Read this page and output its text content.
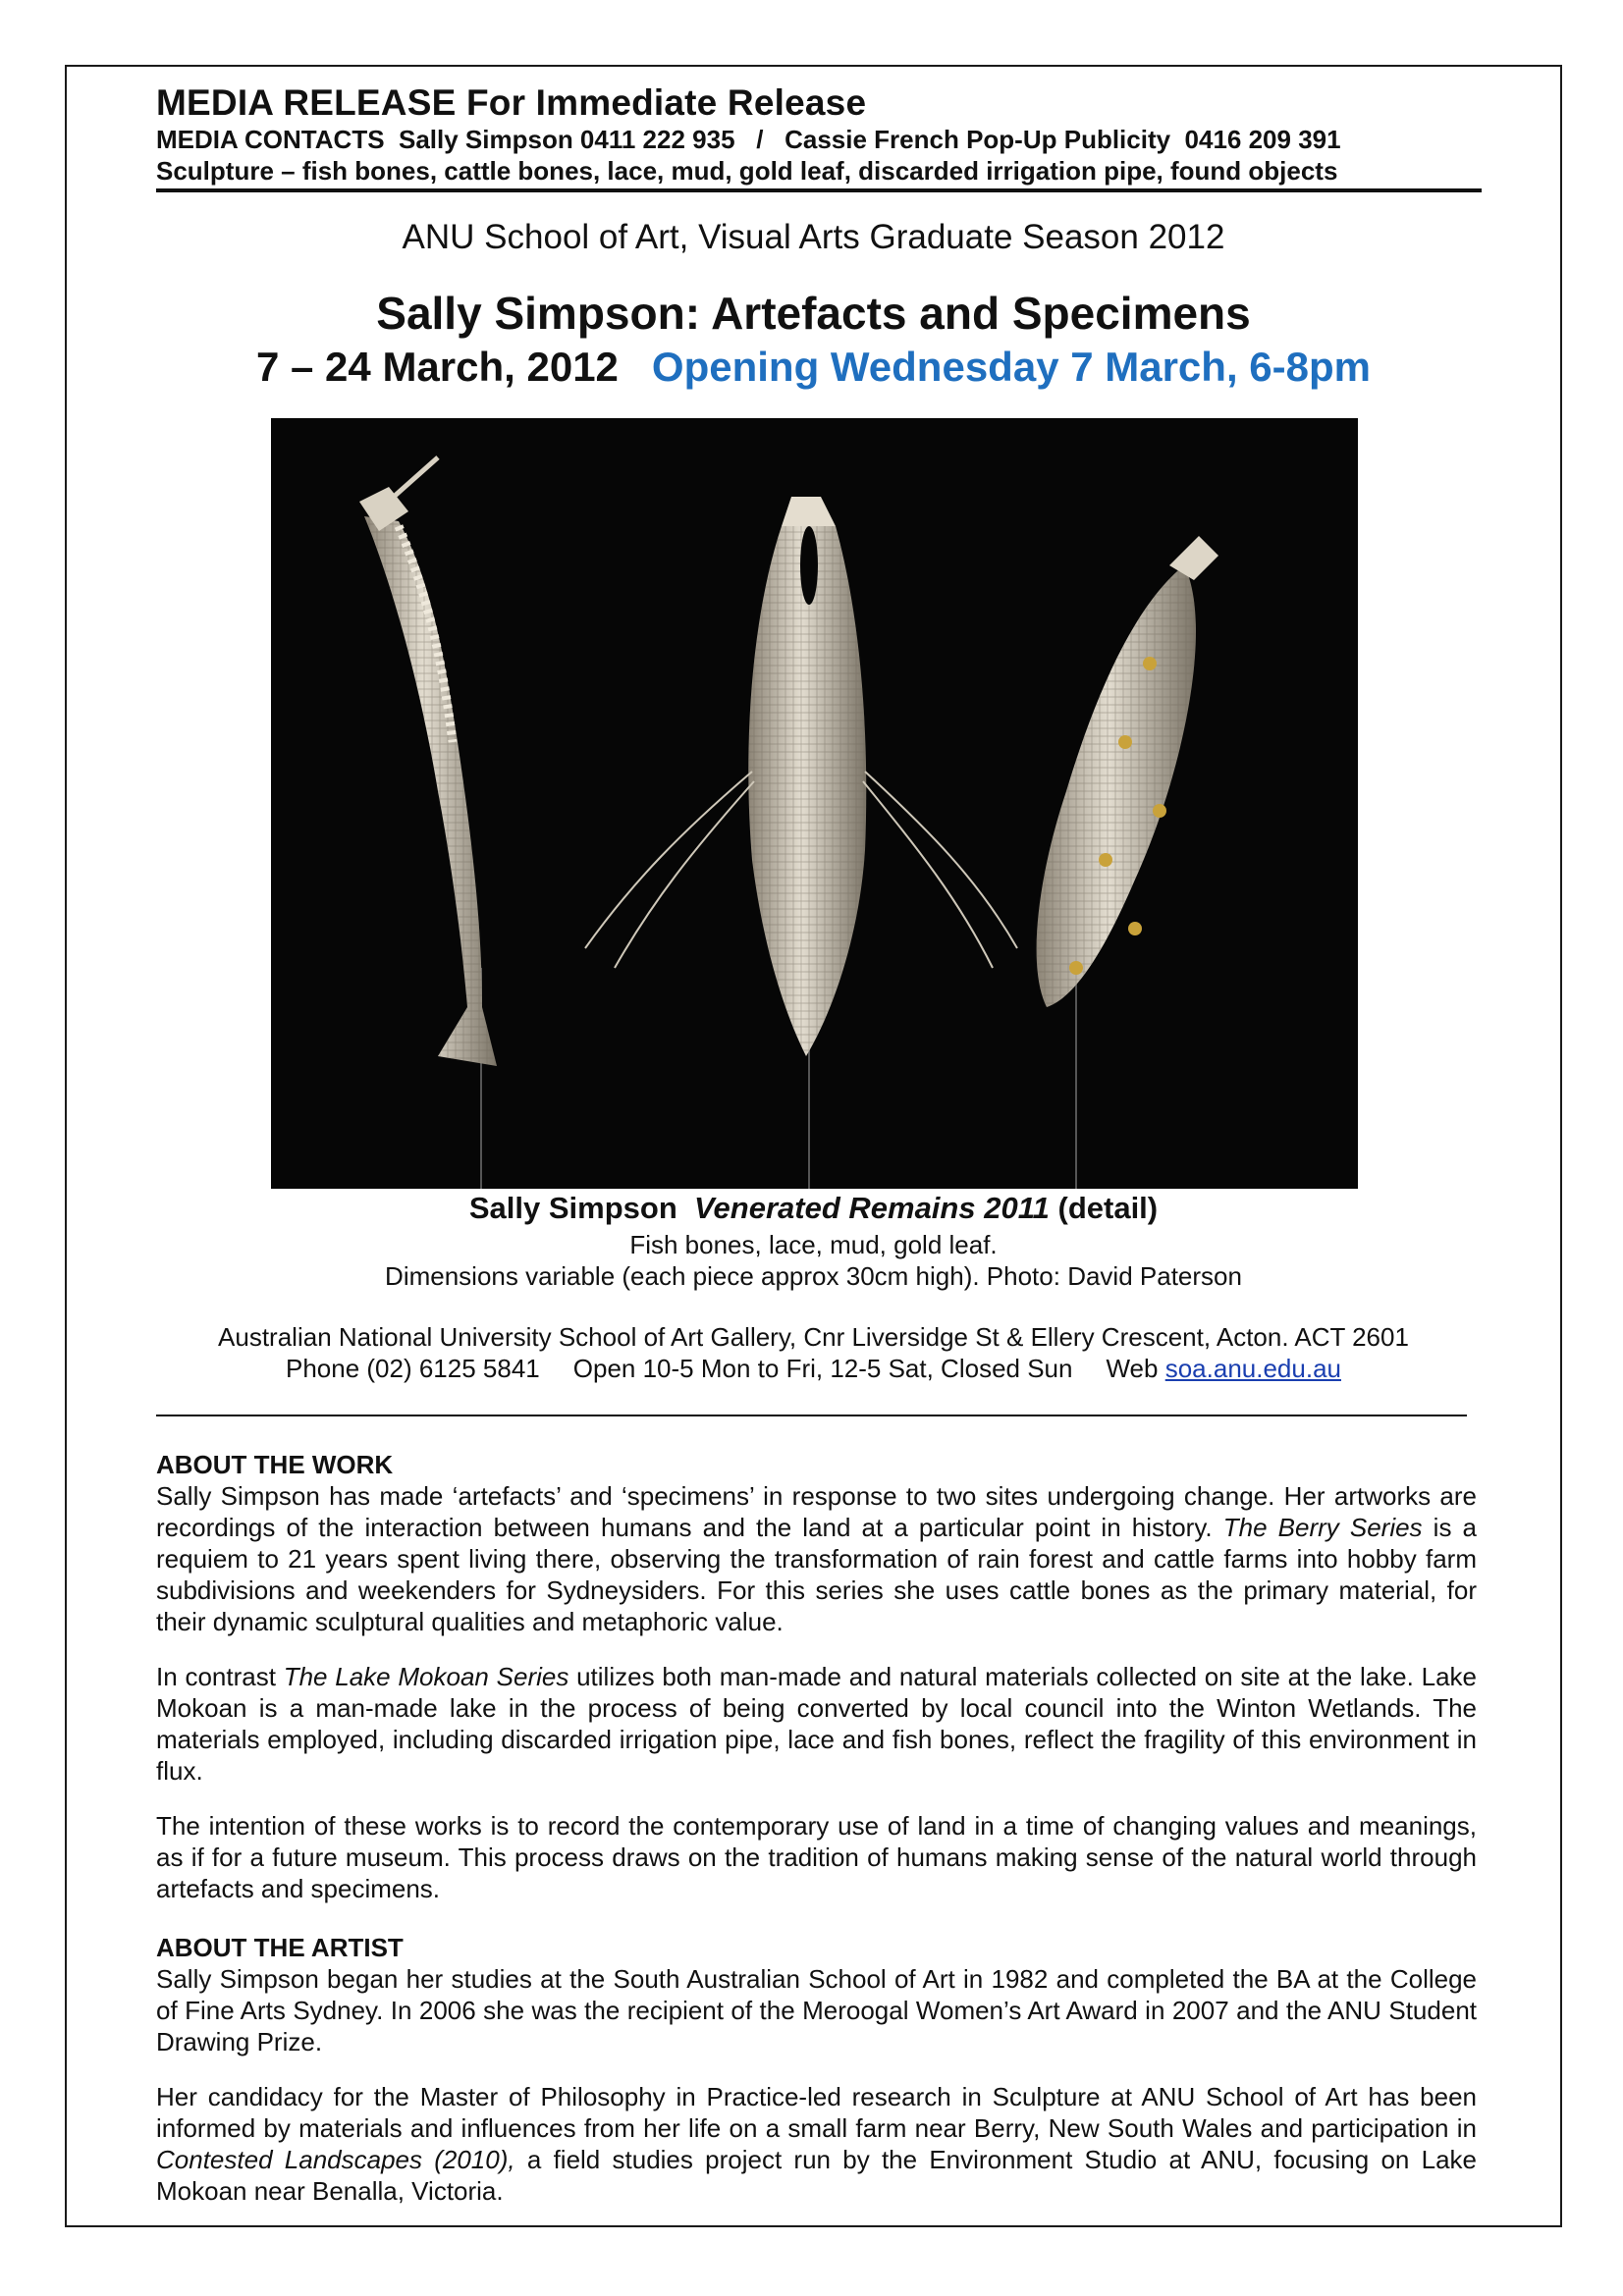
MEDIA RELEASE For Immediate Release
MEDIA CONTACTS  Sally Simpson 0411 222 935   /   Cassie French Pop-Up Publicity  0416 209 391
Sculpture – fish bones, cattle bones, lace, mud, gold leaf, discarded irrigation pipe, found objects
ANU School of Art, Visual Arts Graduate Season 2012
Sally Simpson: Artefacts and Specimens
7 – 24 March, 2012 Opening Wednesday 7 March, 6-8pm
Sally Simpson Venerated Remains 2011 (detail)
Fish bones, lace, mud, gold leaf.
Dimensions variable (each piece approx 30cm high). Photo: David Paterson
Australian National University School of Art Gallery, Cnr Liversidge St & Ellery Crescent, Acton. ACT 2601
Phone (02) 6125 5841 Open 10-5 Mon to Fri, 12-5 Sat, Closed Sun Web soa.anu.edu.au
ABOUT THE WORK

Sally Simpson has made ‘artefacts’ and ‘specimens’ in response to two sites undergoing change. Her artworks are recordings of the interaction between humans and the land at a particular point in history. The Berry Series is a requiem to 21 years spent living there, observing the transformation of rain forest and cattle farms into hobby farm subdivisions and weekenders for Sydneysiders. For this series she uses cattle bones as the primary material, for their dynamic sculptural qualities and metaphoric value.

In contrast The Lake Mokoan Series utilizes both man-made and natural materials collected on site at the lake. Lake Mokoan is a man-made lake in the process of being converted by local council into the Winton Wetlands. The materials employed, including discarded irrigation pipe, lace and fish bones, reflect the fragility of this environment in flux.

The intention of these works is to record the contemporary use of land in a time of changing values and meanings, as if for a future museum. This process draws on the tradition of humans making sense of the natural world through artefacts and specimens.

ABOUT THE ARTIST

Sally Simpson began her studies at the South Australian School of Art in 1982 and completed the BA at the College of Fine Arts Sydney. In 2006 she was the recipient of the Meroogal Women’s Art Award in 2007 and the ANU Student Drawing Prize.

Her candidacy for the Master of Philosophy in Practice-led research in Sculpture at ANU School of Art has been informed by materials and influences from her life on a small farm near Berry, New South Wales and participation in Contested Landscapes (2010), a field studies project run by the Environment Studio at ANU, focusing on Lake Mokoan near Benalla, Victoria.
